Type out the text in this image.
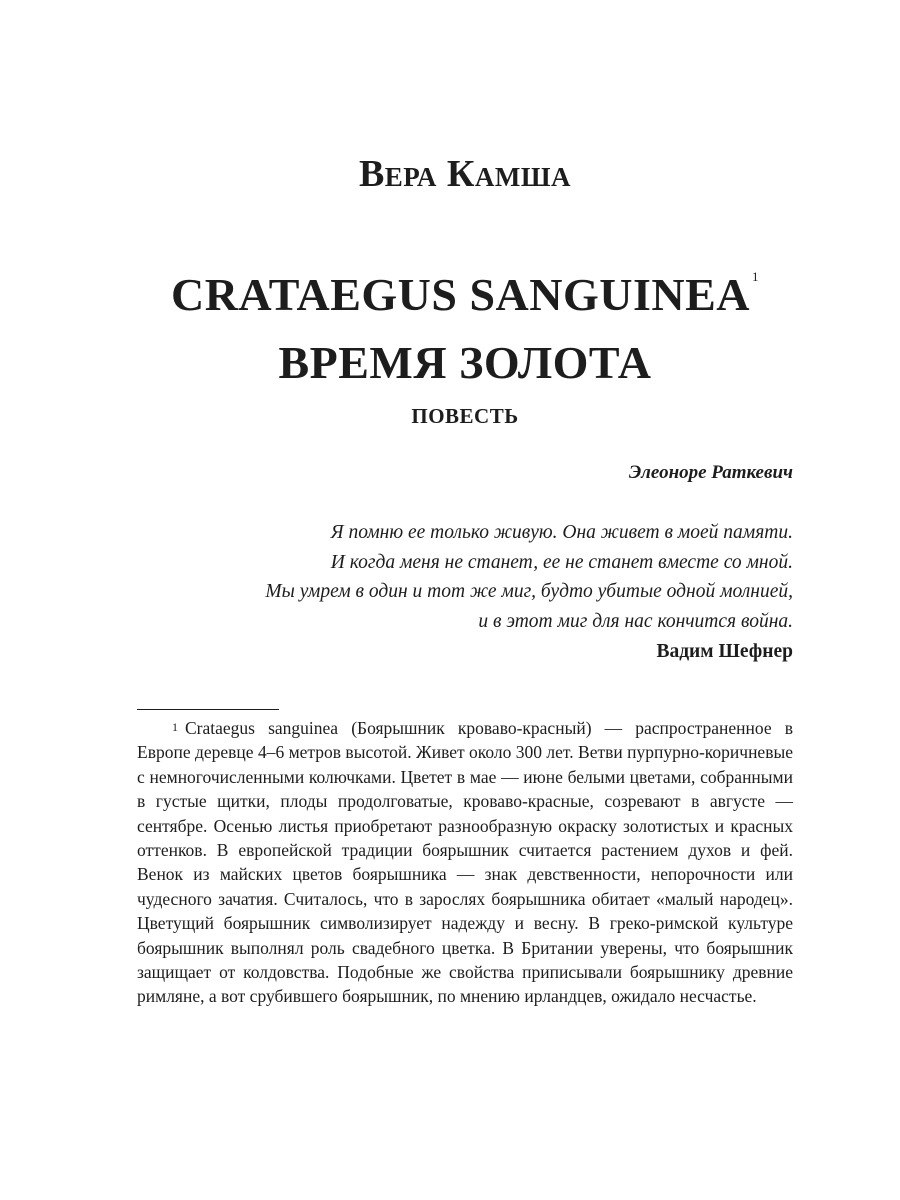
Вера Камша
CRATAEGUS SANGUINEA $^1$
ВРЕМЯ ЗОЛОТА
ПОВЕСТЬ
Элеоноре Раткевич
Я помню ее только живую. Она живет в моей памяти.
И когда меня не станет, ее не станет вместе со мной.
Мы умрем в один и тот же миг, будто убитые одной молнией,
и в этот миг для нас кончится война.
Вадим Шефнер

$^1$ Crataegus sanguinea (Боярышник кроваво-красный) — распространенное в Европе деревце 4–6 метров высотой. Живет около 300 лет. Ветви пурпурно-коричневые с немногочисленными колючками. Цветет в мае — июне белыми цветами, собранными в густые щитки, плоды продолговатые, кроваво-красные, созревают в августе — сентябре. Осенью листья приобретают разнообразную окраску золотистых и красных оттенков. В европейской традиции боярышник считается растением духов и фей. Венок из майских цветов боярышника — знак девственности, непорочности или чудесного зачатия. Считалось, что в зарослях боярышника обитает «малый народец». Цветущий боярышник символизирует надежду и весну. В греко-римской культуре боярышник выполнял роль свадебного цветка. В Британии уверены, что боярышник защищает от колдовства. Подобные же свойства приписывали боярышнику древние римляне, а вот срубившего боярышник, по мнению ирландцев, ожидало несчастье.
